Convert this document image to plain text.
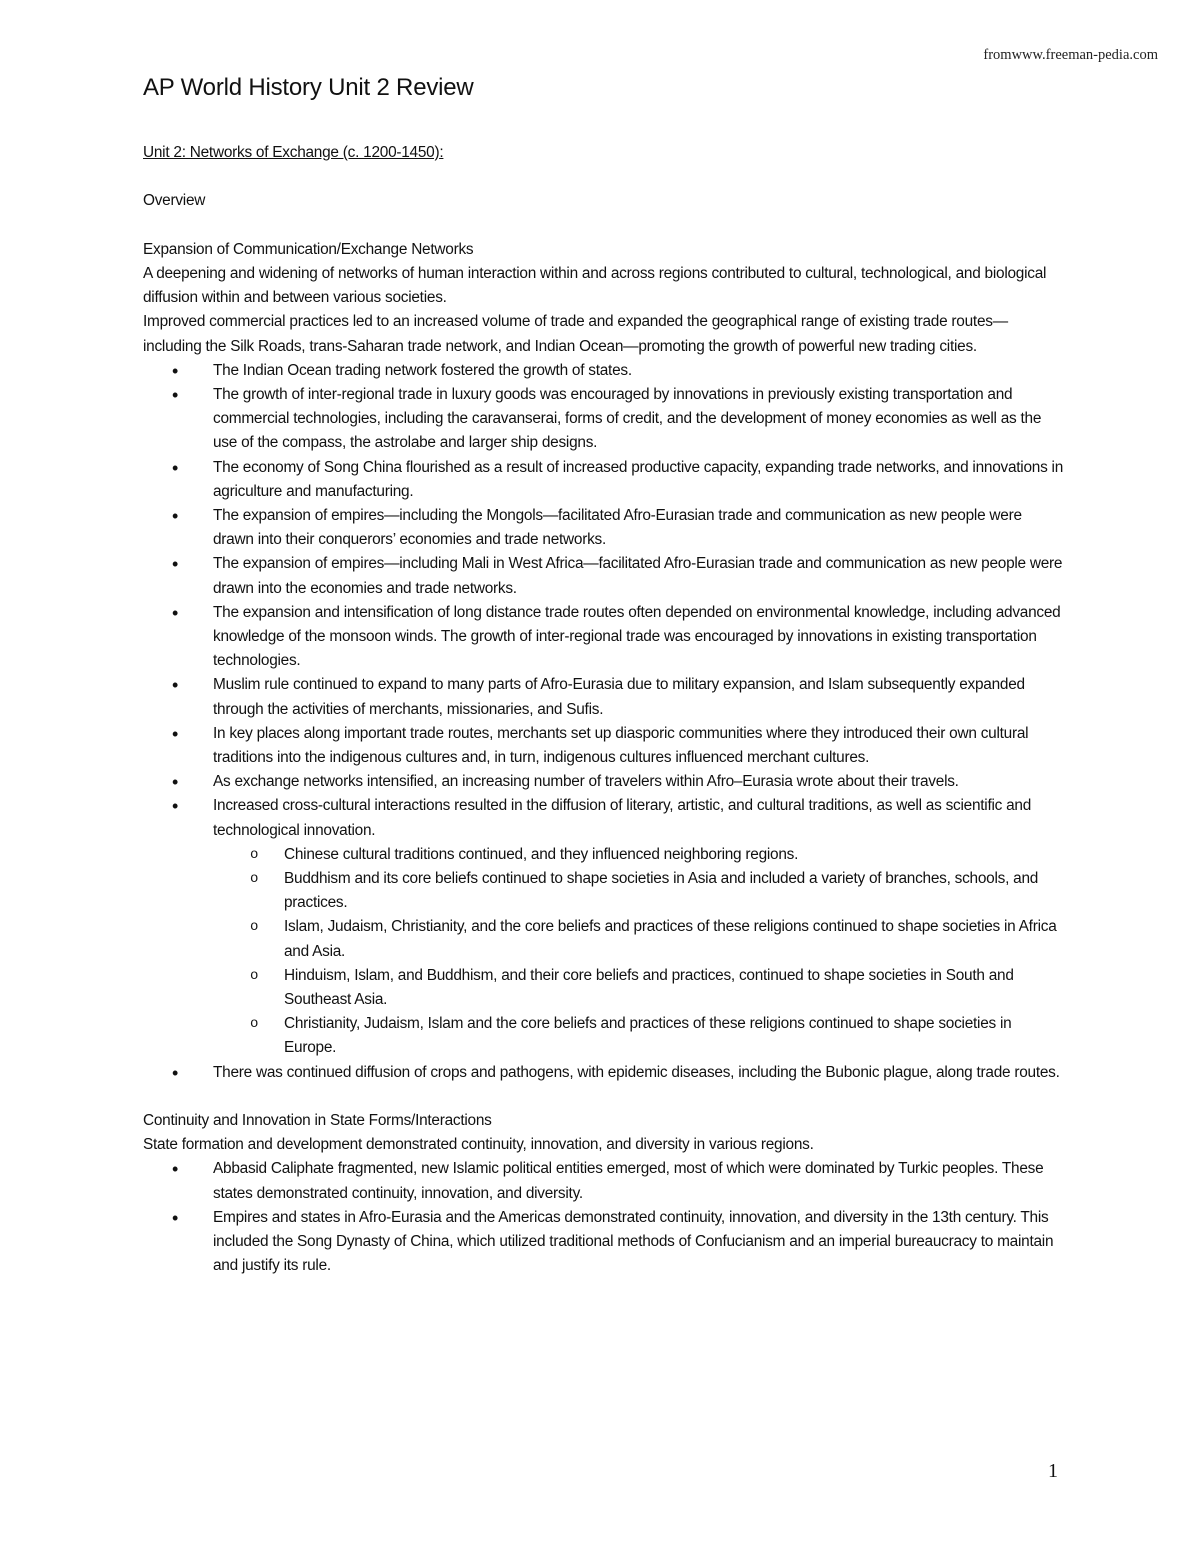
fromwww.freeman-pedia.com
AP World History Unit 2 Review

Unit 2: Networks of Exchange (c. 1200-1450):

Overview

Expansion of Communication/Exchange Networks

A deepening and widening of networks of human interaction within and across regions contributed to cultural, technological, and biological diffusion within and between various societies.

Improved commercial practices led to an increased volume of trade and expanded the geographical range of existing trade routes—including the Silk Roads, trans-Saharan trade network, and Indian Ocean—promoting the growth of powerful new trading cities.

• The Indian Ocean trading network fostered the growth of states.
• The growth of inter-regional trade in luxury goods was encouraged by innovations in previously existing transportation and commercial technologies, including the caravanserai, forms of credit, and the development of money economies as well as the use of the compass, the astrolabe and larger ship designs.
• The economy of Song China flourished as a result of increased productive capacity, expanding trade networks, and innovations in agriculture and manufacturing.
• The expansion of empires—including the Mongols—facilitated Afro-Eurasian trade and communication as new people were drawn into their conquerors’ economies and trade networks.
• The expansion of empires—including Mali in West Africa—facilitated Afro-Eurasian trade and communication as new people were drawn into the economies and trade networks.
• The expansion and intensification of long distance trade routes often depended on environmental knowledge, including advanced knowledge of the monsoon winds. The growth of inter-regional trade was encouraged by innovations in existing transportation technologies.
• Muslim rule continued to expand to many parts of Afro-Eurasia due to military expansion, and Islam subsequently expanded through the activities of merchants, missionaries, and Sufis.
• In key places along important trade routes, merchants set up diasporic communities where they introduced their own cultural traditions into the indigenous cultures and, in turn, indigenous cultures influenced merchant cultures.
• As exchange networks intensified, an increasing number of travelers within Afro–Eurasia wrote about their travels.
• Increased cross-cultural interactions resulted in the diffusion of literary, artistic, and cultural traditions, as well as scientific and technological innovation.
o Chinese cultural traditions continued, and they influenced neighboring regions.
o Buddhism and its core beliefs continued to shape societies in Asia and included a variety of branches, schools, and practices.
o Islam, Judaism, Christianity, and the core beliefs and practices of these religions continued to shape societies in Africa and Asia.
o Hinduism, Islam, and Buddhism, and their core beliefs and practices, continued to shape societies in South and Southeast Asia.
o Christianity, Judaism, Islam and the core beliefs and practices of these religions continued to shape societies in Europe.
• There was continued diffusion of crops and pathogens, with epidemic diseases, including the Bubonic plague, along trade routes.

Continuity and Innovation in State Forms/Interactions

State formation and development demonstrated continuity, innovation, and diversity in various regions.

• Abbasid Caliphate fragmented, new Islamic political entities emerged, most of which were dominated by Turkic peoples. These states demonstrated continuity, innovation, and diversity.
• Empires and states in Afro-Eurasia and the Americas demonstrated continuity, innovation, and diversity in the 13th century. This included the Song Dynasty of China, which utilized traditional methods of Confucianism and an imperial bureaucracy to maintain and justify its rule.
1
